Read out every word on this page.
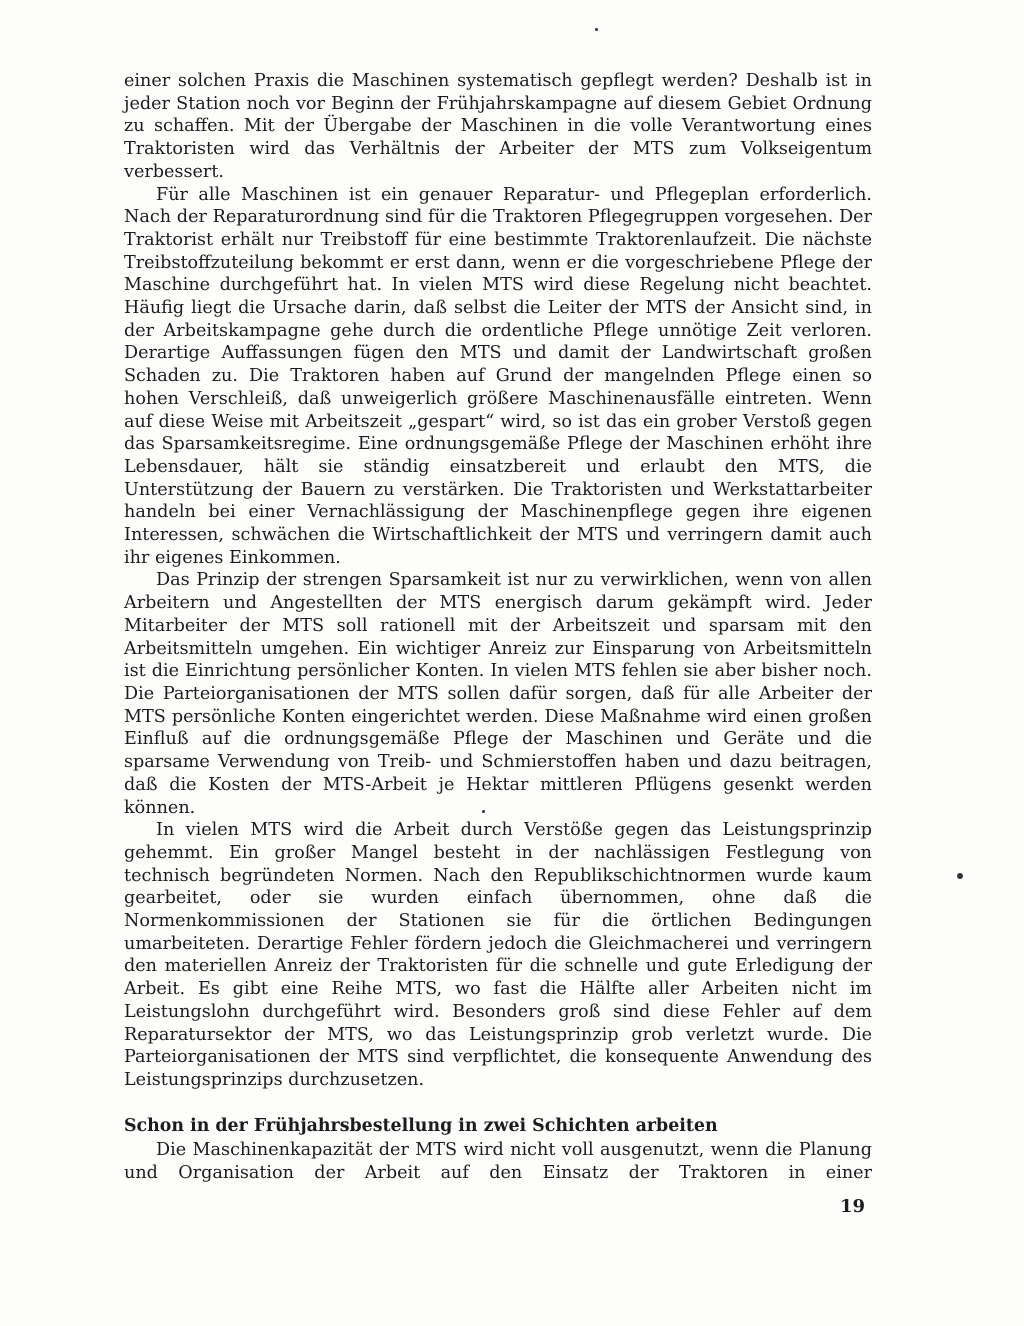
einer solchen Praxis die Maschinen systematisch gepflegt werden? Deshalb ist in jeder Station noch vor Beginn der Frühjahrskampagne auf diesem Gebiet Ordnung zu schaffen. Mit der Übergabe der Maschinen in die volle Verantwortung eines Traktoristen wird das Verhältnis der Arbeiter der MTS zum Volkseigentum verbessert.

Für alle Maschinen ist ein genauer Reparatur- und Pflegeplan erforderlich. Nach der Reparaturordnung sind für die Traktoren Pflegegruppen vorgesehen. Der Traktorist erhält nur Treibstoff für eine bestimmte Traktorenlaufzeit. Die nächste Treibstoffzuteilung bekommt er erst dann, wenn er die vorgeschriebene Pflege der Maschine durchgeführt hat. In vielen MTS wird diese Regelung nicht beachtet. Häufig liegt die Ursache darin, daß selbst die Leiter der MTS der Ansicht sind, in der Arbeitskampagne gehe durch die ordentliche Pflege unnötige Zeit verloren. Derartige Auffassungen fügen den MTS und damit der Landwirtschaft großen Schaden zu. Die Traktoren haben auf Grund der mangelnden Pflege einen so hohen Verschleiß, daß unweigerlich größere Maschinenausfälle eintreten. Wenn auf diese Weise mit Arbeitszeit „gespart“ wird, so ist das ein grober Verstoß gegen das Sparsamkeitsregime. Eine ordnungsgemäße Pflege der Maschinen erhöht ihre Lebensdauer, hält sie ständig einsatzbereit und erlaubt den MTS, die Unterstützung der Bauern zu verstärken. Die Traktoristen und Werkstattarbeiter handeln bei einer Vernachlässigung der Maschinenpflege gegen ihre eigenen Interessen, schwächen die Wirtschaftlichkeit der MTS und verringern damit auch ihr eigenes Einkommen.

Das Prinzip der strengen Sparsamkeit ist nur zu verwirklichen, wenn von allen Arbeitern und Angestellten der MTS energisch darum gekämpft wird. Jeder Mitarbeiter der MTS soll rationell mit der Arbeitszeit und sparsam mit den Arbeitsmitteln umgehen. Ein wichtiger Anreiz zur Einsparung von Arbeitsmitteln ist die Einrichtung persönlicher Konten. In vielen MTS fehlen sie aber bisher noch. Die Parteiorganisationen der MTS sollen dafür sorgen, daß für alle Arbeiter der MTS persönliche Konten eingerichtet werden. Diese Maßnahme wird einen großen Einfluß auf die ordnungsgemäße Pflege der Maschinen und Geräte und die sparsame Verwendung von Treib- und Schmierstoffen haben und dazu beitragen, daß die Kosten der MTS-Arbeit je Hektar mittleren Pflügens gesenkt werden können.

In vielen MTS wird die Arbeit durch Verstöße gegen das Leistungsprinzip gehemmt. Ein großer Mangel besteht in der nachlässigen Festlegung von technisch begründeten Normen. Nach den Republikschichtnormen wurde kaum gearbeitet, oder sie wurden einfach übernommen, ohne daß die Normenkommissionen der Stationen sie für die örtlichen Bedingungen umarbeiteten. Derartige Fehler fördern jedoch die Gleichmacherei und verringern den materiellen Anreiz der Traktoristen für die schnelle und gute Erledigung der Arbeit. Es gibt eine Reihe MTS, wo fast die Hälfte aller Arbeiten nicht im Leistungslohn durchgeführt wird. Besonders groß sind diese Fehler auf dem Reparatursektor der MTS, wo das Leistungsprinzip grob verletzt wurde. Die Parteiorganisationen der MTS sind verpflichtet, die konsequente Anwendung des Leistungsprinzips durchzusetzen.

Schon in der Frühjahrsbestellung in zwei Schichten arbeiten

Die Maschinenkapazität der MTS wird nicht voll ausgenutzt, wenn die Planung und Organisation der Arbeit auf den Einsatz der Traktoren in einer

19
